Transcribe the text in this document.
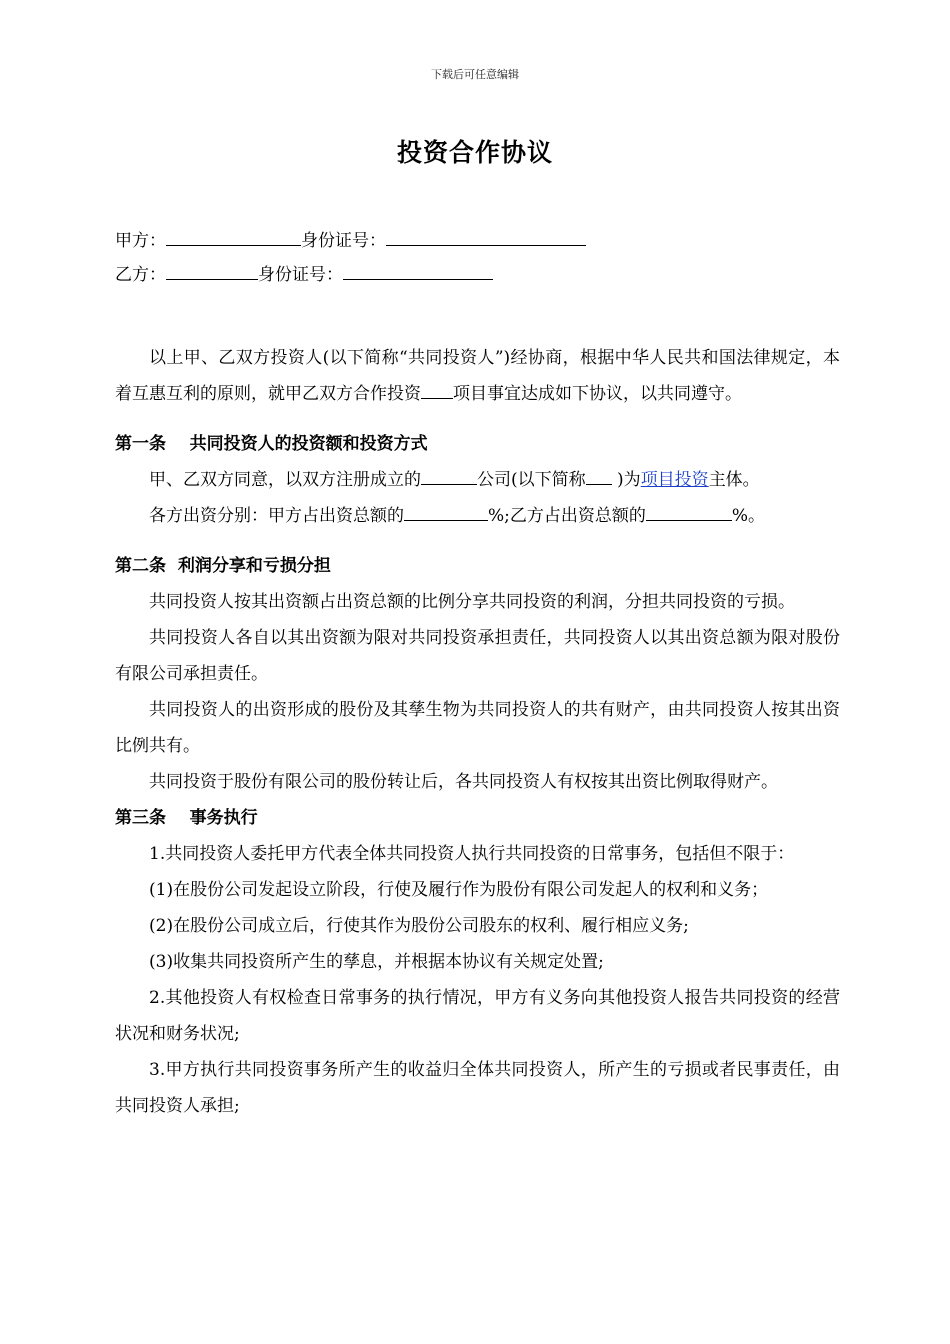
下载后可任意编辑
投资合作协议
甲方：	身份证号：
乙方：	身份证号：

以上甲、乙双方投资人(以下简称“共同投资人”)经协商，根据中华人民共和国法律规定，本着互惠互利的原则，就甲乙双方合作投资 项目事宜达成如下协议，以共同遵守。

第一条    共同投资人的投资额和投资方式

甲、乙双方同意，以双方注册成立的	公司(以下简称 )为项目投资主体。

各方出资分别：甲方占出资总额的	%;乙方占出资总额的	%。

第二条  利润分享和亏损分担

共同投资人按其出资额占出资总额的比例分享共同投资的利润，分担共同投资的亏损。

共同投资人各自以其出资额为限对共同投资承担责任，共同投资人以其出资总额为限对股份有限公司承担责任。

共同投资人的出资形成的股份及其孳生物为共同投资人的共有财产，由共同投资人按其出资比例共有。

共同投资于股份有限公司的股份转让后，各共同投资人有权按其出资比例取得财产。

第三条    事务执行

1.共同投资人委托甲方代表全体共同投资人执行共同投资的日常事务，包括但不限于：

(1)在股份公司发起设立阶段，行使及履行作为股份有限公司发起人的权利和义务；

(2)在股份公司成立后，行使其作为股份公司股东的权利、履行相应义务;

(3)收集共同投资所产生的孳息，并根据本协议有关规定处置;

2.其他投资人有权检查日常事务的执行情况，甲方有义务向其他投资人报告共同投资的经营状况和财务状况;

3.甲方执行共同投资事务所产生的收益归全体共同投资人，所产生的亏损或者民事责任，由共同投资人承担;
